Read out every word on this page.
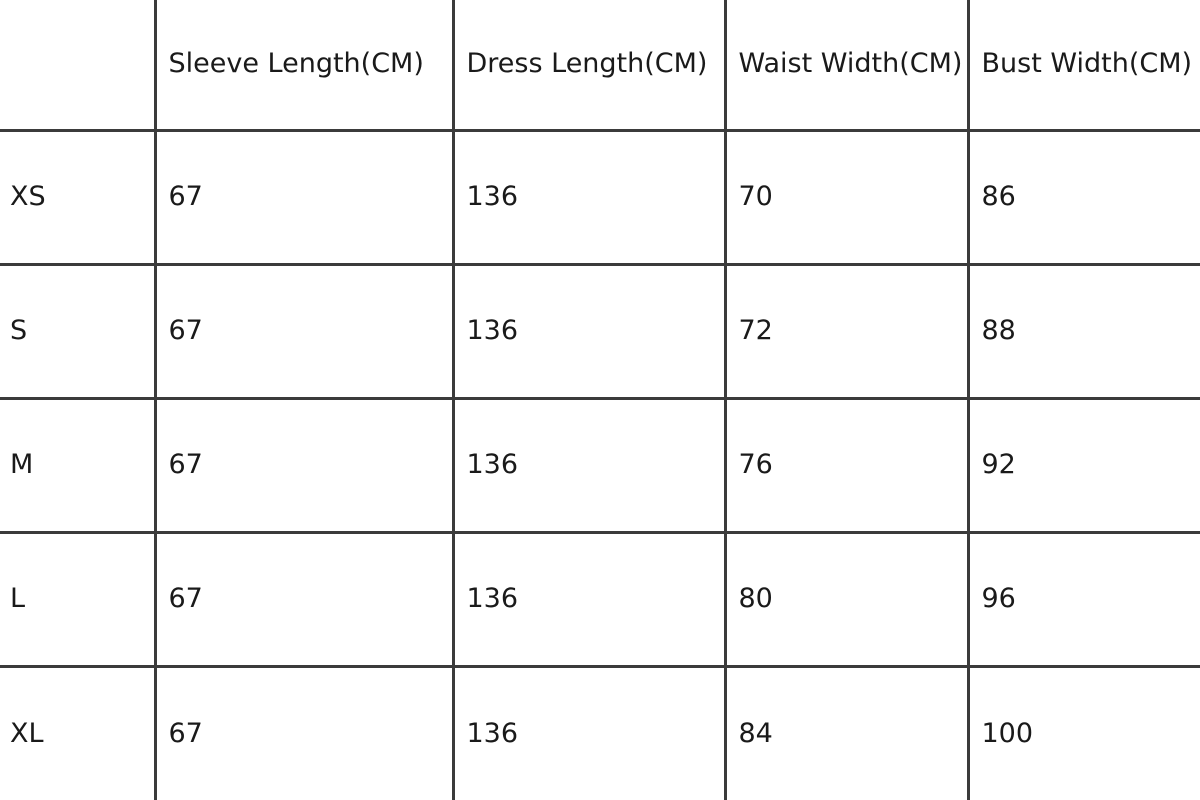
	Sleeve Length(CM)	Dress Length(CM)	Waist Width(CM)	Bust Width(CM)
XS	67	136	70	86
S	67	136	72	88
M	67	136	76	92
L	67	136	80	96
XL	67	136	84	100
